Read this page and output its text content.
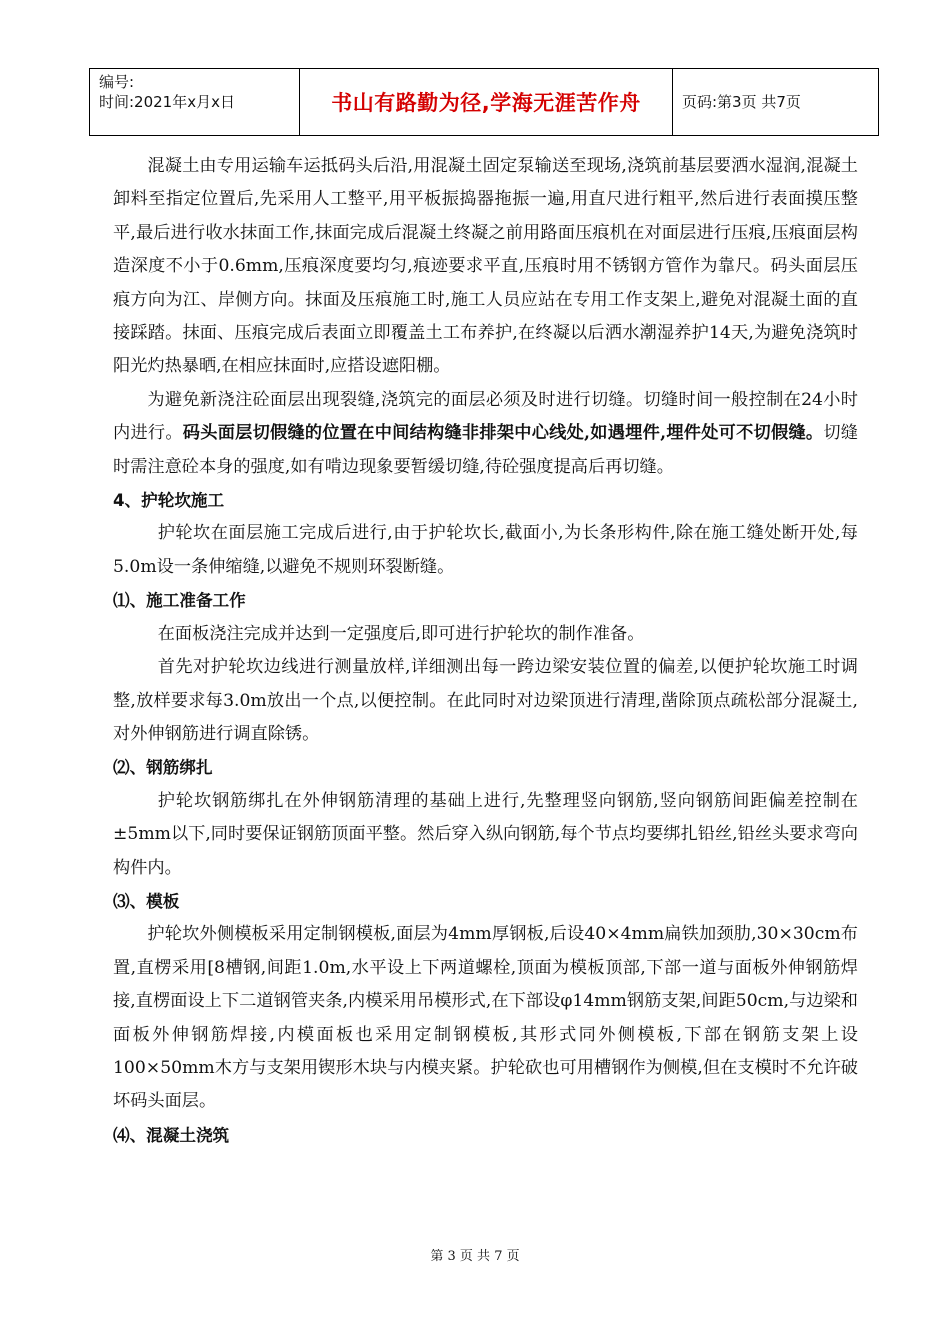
编号:
时间:2021年x月x日	书山有路勤为径,学海无涯苦作舟	页码:第3页 共7页

混凝土由专用运输车运抵码头后沿,用混凝土固定泵输送至现场,浇筑前基层要洒水湿润,混凝土卸料至指定位置后,先采用人工整平,用平板振捣器拖振一遍,用直尺进行粗平,然后进行表面摸压整平,最后进行收水抹面工作,抹面完成后混凝土终凝之前用路面压痕机在对面层进行压痕,压痕面层构造深度不小于0.6mm,压痕深度要均匀,痕迹要求平直,压痕时用不锈钢方管作为靠尺。码头面层压痕方向为江、岸侧方向。抹面及压痕施工时,施工人员应站在专用工作支架上,避免对混凝土面的直接踩踏。抹面、压痕完成后表面立即覆盖土工布养护,在终凝以后洒水潮湿养护14天,为避免浇筑时阳光灼热暴晒,在相应抹面时,应搭设遮阳棚。

为避免新浇注砼面层出现裂缝,浇筑完的面层必须及时进行切缝。切缝时间一般控制在24小时内进行。码头面层切假缝的位置在中间结构缝非排架中心线处,如遇埋件,埋件处可不切假缝。切缝时需注意砼本身的强度,如有啃边现象要暂缓切缝,待砼强度提高后再切缝。

4、护轮坎施工

护轮坎在面层施工完成后进行,由于护轮坎长,截面小,为长条形构件,除在施工缝处断开处,每5.0m设一条伸缩缝,以避免不规则环裂断缝。

⑴、施工准备工作

在面板浇注完成并达到一定强度后,即可进行护轮坎的制作准备。

首先对护轮坎边线进行测量放样,详细测出每一跨边梁安装位置的偏差,以便护轮坎施工时调整,放样要求每3.0m放出一个点,以便控制。在此同时对边梁顶进行清理,凿除顶点疏松部分混凝土,对外伸钢筋进行调直除锈。

⑵、钢筋绑扎

护轮坎钢筋绑扎在外伸钢筋清理的基础上进行,先整理竖向钢筋,竖向钢筋间距偏差控制在±5mm以下,同时要保证钢筋顶面平整。然后穿入纵向钢筋,每个节点均要绑扎铅丝,铅丝头要求弯向构件内。

⑶、模板

护轮坎外侧模板采用定制钢模板,面层为4mm厚钢板,后设40×4mm扁铁加颈肋,30×30cm布置,直楞采用[8槽钢,间距1.0m,水平设上下两道螺栓,顶面为模板顶部,下部一道与面板外伸钢筋焊接,直楞面设上下二道钢管夹条,内模采用吊模形式,在下部设φ14mm钢筋支架,间距50cm,与边梁和面板外伸钢筋焊接,内模面板也采用定制钢模板,其形式同外侧模板,下部在钢筋支架上设100×50mm木方与支架用锲形木块与内模夹紧。护轮砍也可用槽钢作为侧模,但在支模时不允许破坏码头面层。

⑷、混凝土浇筑

第 3 页 共 7 页
